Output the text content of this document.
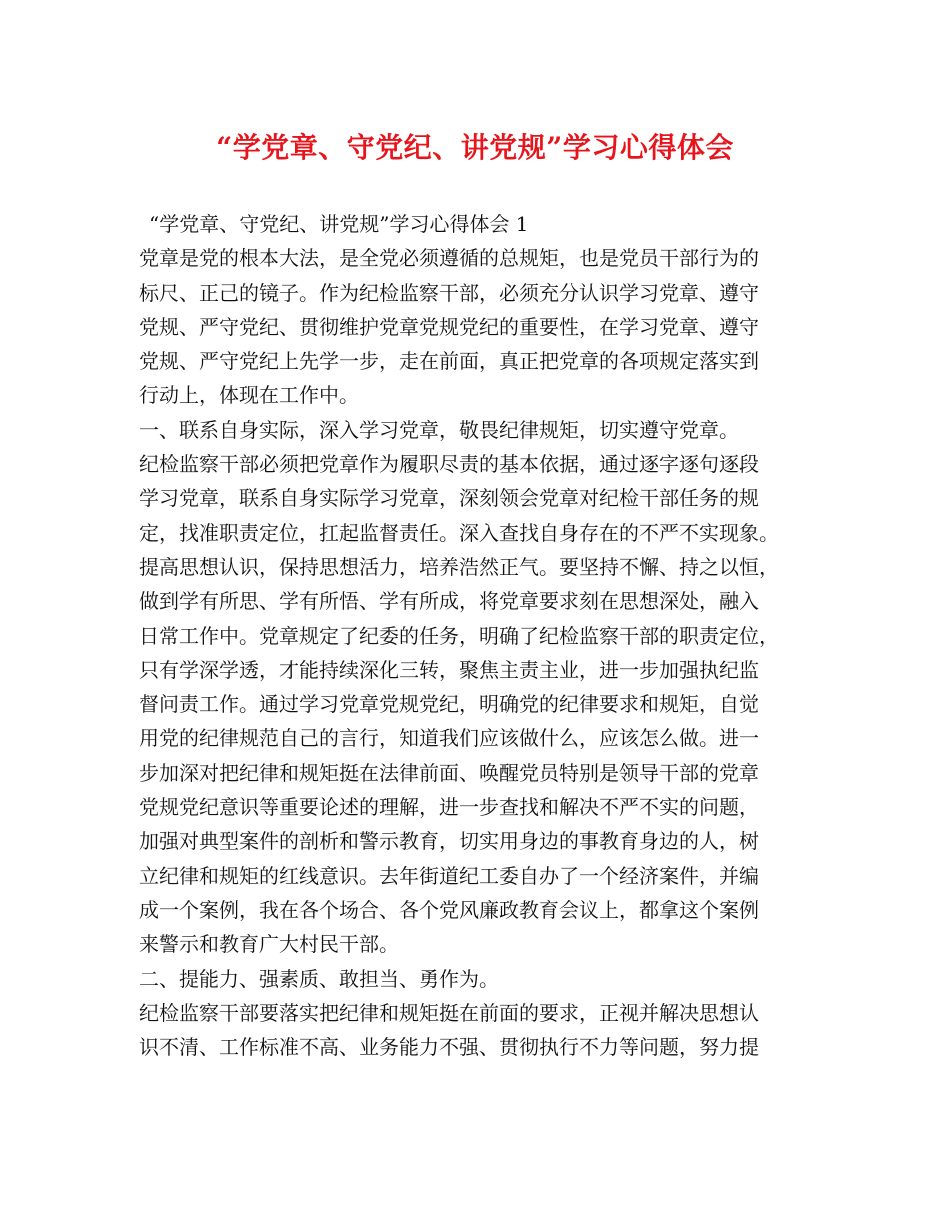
“学党章、守党纪、讲党规”学习心得体会
“学党章、守党纪、讲党规”学习心得体会 1
党章是党的根本大法，是全党必须遵循的总规矩，也是党员干部行为的
标尺、正己的镜子。作为纪检监察干部，必须充分认识学习党章、遵守
党规、严守党纪、贯彻维护党章党规党纪的重要性，在学习党章、遵守
党规、严守党纪上先学一步，走在前面，真正把党章的各项规定落实到
行动上，体现在工作中。
一、联系自身实际，深入学习党章，敬畏纪律规矩，切实遵守党章。
纪检监察干部必须把党章作为履职尽责的基本依据，通过逐字逐句逐段
学习党章，联系自身实际学习党章，深刻领会党章对纪检干部任务的规
定，找准职责定位，扛起监督责任。深入查找自身存在的不严不实现象。
提高思想认识，保持思想活力，培养浩然正气。要坚持不懈、持之以恒，
做到学有所思、学有所悟、学有所成，将党章要求刻在思想深处，融入
日常工作中。党章规定了纪委的任务，明确了纪检监察干部的职责定位，
只有学深学透，才能持续深化三转，聚焦主责主业，进一步加强执纪监
督问责工作。通过学习党章党规党纪，明确党的纪律要求和规矩，自觉
用党的纪律规范自己的言行，知道我们应该做什么，应该怎么做。进一
步加深对把纪律和规矩挺在法律前面、唤醒党员特别是领导干部的党章
党规党纪意识等重要论述的理解，进一步查找和解决不严不实的问题，
加强对典型案件的剖析和警示教育，切实用身边的事教育身边的人，树
立纪律和规矩的红线意识。去年街道纪工委自办了一个经济案件，并编
成一个案例，我在各个场合、各个党风廉政教育会议上，都拿这个案例
来警示和教育广大村民干部。
二、提能力、强素质、敢担当、勇作为。
纪检监察干部要落实把纪律和规矩挺在前面的要求，正视并解决思想认
识不清、工作标准不高、业务能力不强、贯彻执行不力等问题，努力提
